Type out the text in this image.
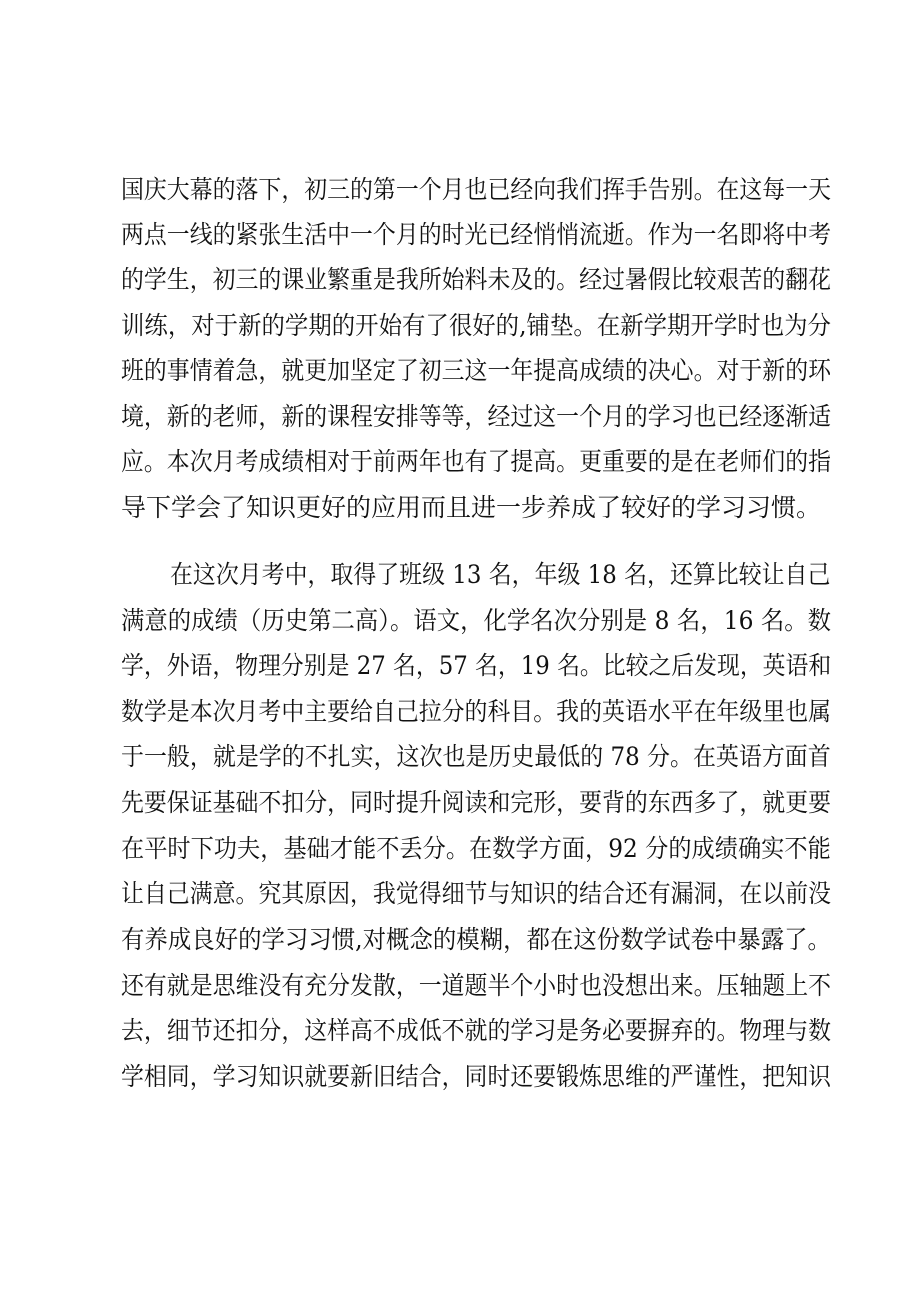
国庆大幕的落下，初三的第一个月也已经向我们挥手告别。在这每一天
两点一线的紧张生活中一个月的时光已经悄悄流逝。作为一名即将中考
的学生，初三的课业繁重是我所始料未及的。经过暑假比较艰苦的翻花
训练，对于新的学期的开始有了很好的,铺垫。在新学期开学时也为分
班的事情着急，就更加坚定了初三这一年提高成绩的决心。对于新的环
境，新的老师，新的课程安排等等，经过这一个月的学习也已经逐渐适
应。本次月考成绩相对于前两年也有了提高。更重要的是在老师们的指
导下学会了知识更好的应用而且进一步养成了较好的学习习惯。
在这次月考中，取得了班级 13 名，年级 18 名，还算比较让自己
满意的成绩（历史第二高）。语文，化学名次分别是 8 名，16 名。数
学，外语，物理分别是 27 名，57 名，19 名。比较之后发现，英语和
数学是本次月考中主要给自己拉分的科目。我的英语水平在年级里也属
于一般，就是学的不扎实，这次也是历史最低的 78 分。在英语方面首
先要保证基础不扣分，同时提升阅读和完形，要背的东西多了，就更要
在平时下功夫，基础才能不丢分。在数学方面，92 分的成绩确实不能
让自己满意。究其原因，我觉得细节与知识的结合还有漏洞，在以前没
有养成良好的学习习惯,对概念的模糊，都在这份数学试卷中暴露了。
还有就是思维没有充分发散，一道题半个小时也没想出来。压轴题上不
去，细节还扣分，这样高不成低不就的学习是务必要摒弃的。物理与数
学相同，学习知识就要新旧结合，同时还要锻炼思维的严谨性，把知识
